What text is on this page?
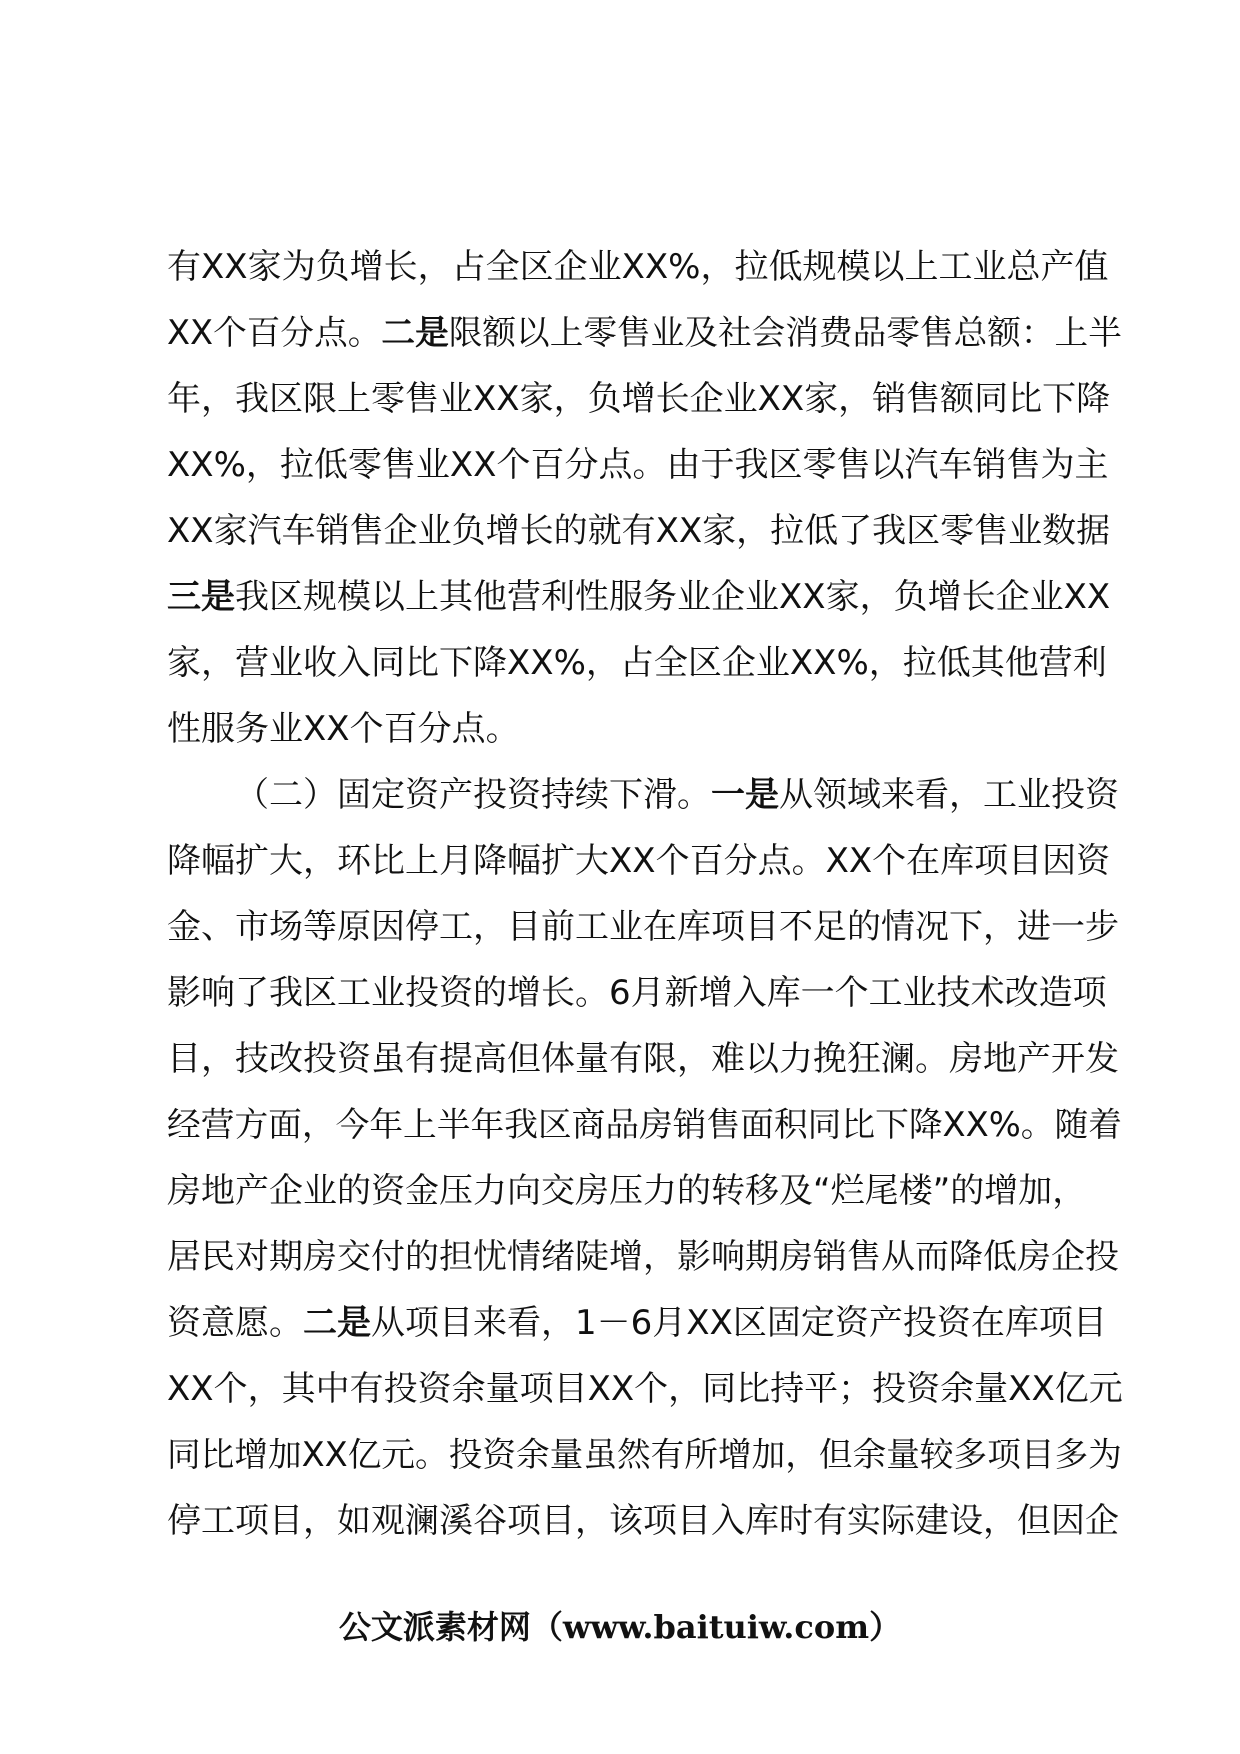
有XX家为负增长，占全区企业XX%，拉低规模以上工业总产值
XX个百分点。二是限额以上零售业及社会消费品零售总额：上半
年，我区限上零售业XX家，负增长企业XX家，销售额同比下降
XX%，拉低零售业XX个百分点。由于我区零售以汽车销售为主
XX家汽车销售企业负增长的就有XX家，拉低了我区零售业数据
三是我区规模以上其他营利性服务业企业XX家，负增长企业XX
家，营业收入同比下降XX%，占全区企业XX%，拉低其他营利
性服务业XX个百分点。
（二）固定资产投资持续下滑。一是从领域来看，工业投资
降幅扩大，环比上月降幅扩大XX个百分点。XX个在库项目因资
金、市场等原因停工，目前工业在库项目不足的情况下，进一步
影响了我区工业投资的增长。6月新增入库一个工业技术改造项
目，技改投资虽有提高但体量有限，难以力挽狂澜。房地产开发
经营方面，今年上半年我区商品房销售面积同比下降XX%。随着
房地产企业的资金压力向交房压力的转移及“烂尾楼”的增加，
居民对期房交付的担忧情绪陡增，影响期房销售从而降低房企投
资意愿。二是从项目来看，1－6月XX区固定资产投资在库项目
XX个，其中有投资余量项目XX个，同比持平；投资余量XX亿元
同比增加XX亿元。投资余量虽然有所增加，但余量较多项目多为
停工项目，如观澜溪谷项目，该项目入库时有实际建设，但因企
公文派素材网（www.baituiw.com）
